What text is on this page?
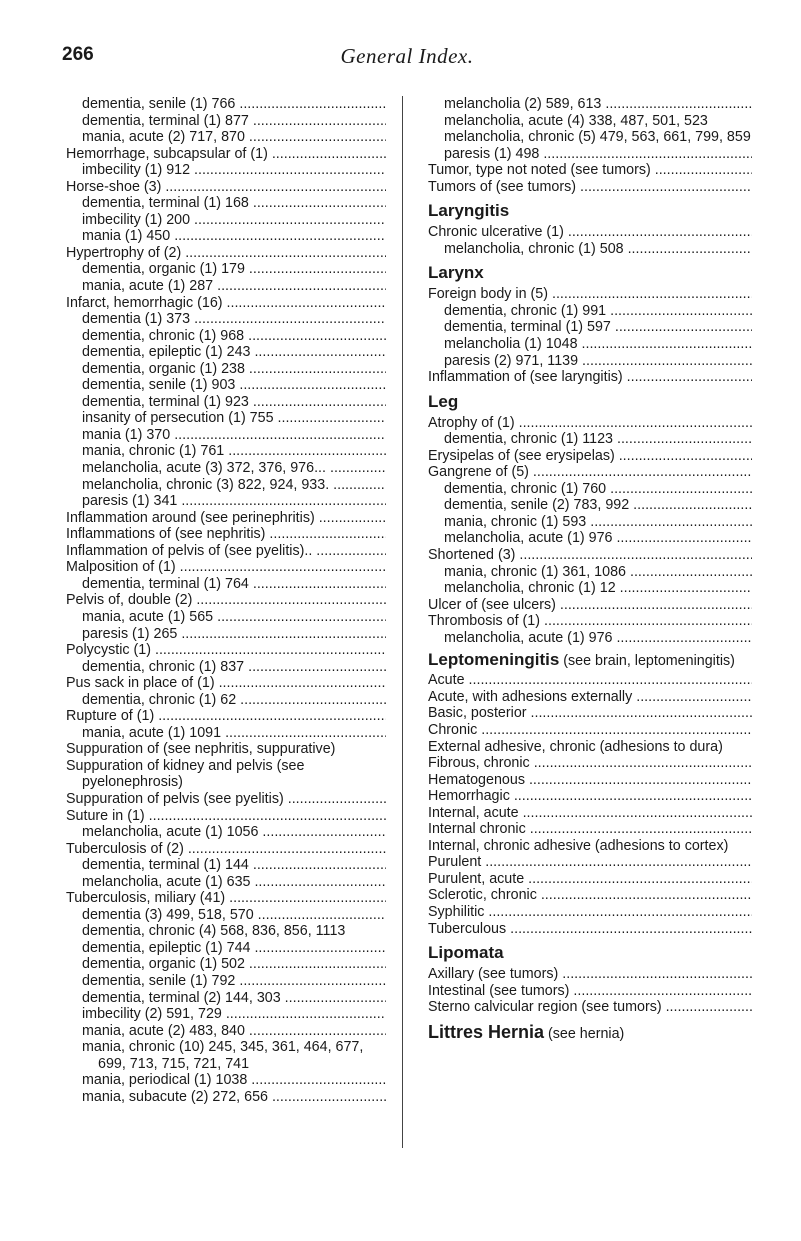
266	General Index.
dementia, senile (1) 766 .....
dementia, terminal (1) 877 .....
mania, acute (2) 717, 870 .....
Hemorrhage, subcapsular of (1) .....
imbecility (1) 912 .....
Horse-shoe (3) .....
dementia, terminal (1) 168 .....
imbecility (1) 200 .....
mania (1) 450 .....
Hypertrophy of (2) .....
dementia, organic (1) 179 .....
mania, acute (1) 287 .....
Infarct, hemorrhagic (16) .....
dementia (1) 373 .....
dementia, chronic (1) 968 .....
dementia, epileptic (1) 243 .....
dementia, organic (1) 238 .....
dementia, senile (1) 903 .....
dementia, terminal (1) 923 .....
insanity of persecution (1) 755 .....
mania (1) 370 .....
mania, chronic (1) 761 .....
melancholia, acute (3) 372, 376, 976... .....
melancholia, chronic (3) 822, 924, 933. .....
paresis (1) 341 .....
Inflammation around (see perinephritis) .....
Inflammations of (see nephritis) .....
Inflammation of pelvis of (see pyelitis).. .....
Malposition of (1) .....
dementia, terminal (1) 764 .....
Pelvis of, double (2) .....
mania, acute (1) 565 .....
paresis (1) 265 .....
Polycystic (1) .....
dementia, chronic (1) 837 .....
Pus sack in place of (1) .....
dementia, chronic (1) 62 .....
Rupture of (1) .....
mania, acute (1) 1091 .....
Suppuration of (see nephritis, suppurative)
Suppuration of kidney and pelvis (see pyelonephrosis)
Suppuration of pelvis (see pyelitis) .....
Suture in (1) .....
melancholia, acute (1) 1056 .....
Tuberculosis of (2) .....
dementia, terminal (1) 144 .....
melancholia, acute (1) 635 .....
Tuberculosis, miliary (41) .....
dementia (3) 499, 518, 570 .....
dementia, chronic (4) 568, 836, 856, 1113
dementia, epileptic (1) 744 .....
dementia, organic (1) 502 .....
dementia, senile (1) 792 .....
dementia, terminal (2) 144, 303 .....
imbecility (2) 591, 729 .....
mania, acute (2) 483, 840 .....
mania, chronic (10) 245, 345, 361, 464, 677, 699, 713, 715, 721, 741
mania, periodical (1) 1038 .....
mania, subacute (2) 272, 656 .....
melancholia (2) 589, 613 .....
melancholia, acute (4) 338, 487, 501, 523
melancholia, chronic (5) 479, 563, 661, 799, 859
paresis (1) 498 .....
Tumor, type not noted (see tumors) .....
Tumors of (see tumors) .....
Laryngitis
Chronic ulcerative (1) .....
melancholia, chronic (1) 508 .....
Larynx
Foreign body in (5) .....
dementia, chronic (1) 991 .....
dementia, terminal (1) 597 .....
melancholia (1) 1048 .....
paresis (2) 971, 1139 .....
Inflammation of (see laryngitis) .....
Leg
Atrophy of (1) .....
dementia, chronic (1) 1123 .....
Erysipelas of (see erysipelas) .....
Gangrene of (5) .....
dementia, chronic (1) 760 .....
dementia, senile (2) 783, 992 .....
mania, chronic (1) 593 .....
melancholia, acute (1) 976 .....
Shortened (3) .....
mania, chronic (1) 361, 1086 .....
melancholia, chronic (1) 12 .....
Ulcer of (see ulcers) .....
Thrombosis of (1) .....
melancholia, acute (1) 976 .....
Leptomeningitis (see brain, leptomeningitis)
Acute .....
Acute, with adhesions externally .....
Basic, posterior .....
Chronic .....
External adhesive, chronic (adhesions to dura)
Fibrous, chronic .....
Hematogenous .....
Hemorrhagic .....
Internal, acute .....
Internal chronic .....
Internal, chronic adhesive (adhesions to cortex)
Purulent .....
Purulent, acute .....
Sclerotic, chronic .....
Syphilitic .....
Tuberculous .....
Lipomata
Axillary (see tumors) .....
Intestinal (see tumors) .....
Sterno calvicular region (see tumors) .....
Littres Hernia (see hernia)
